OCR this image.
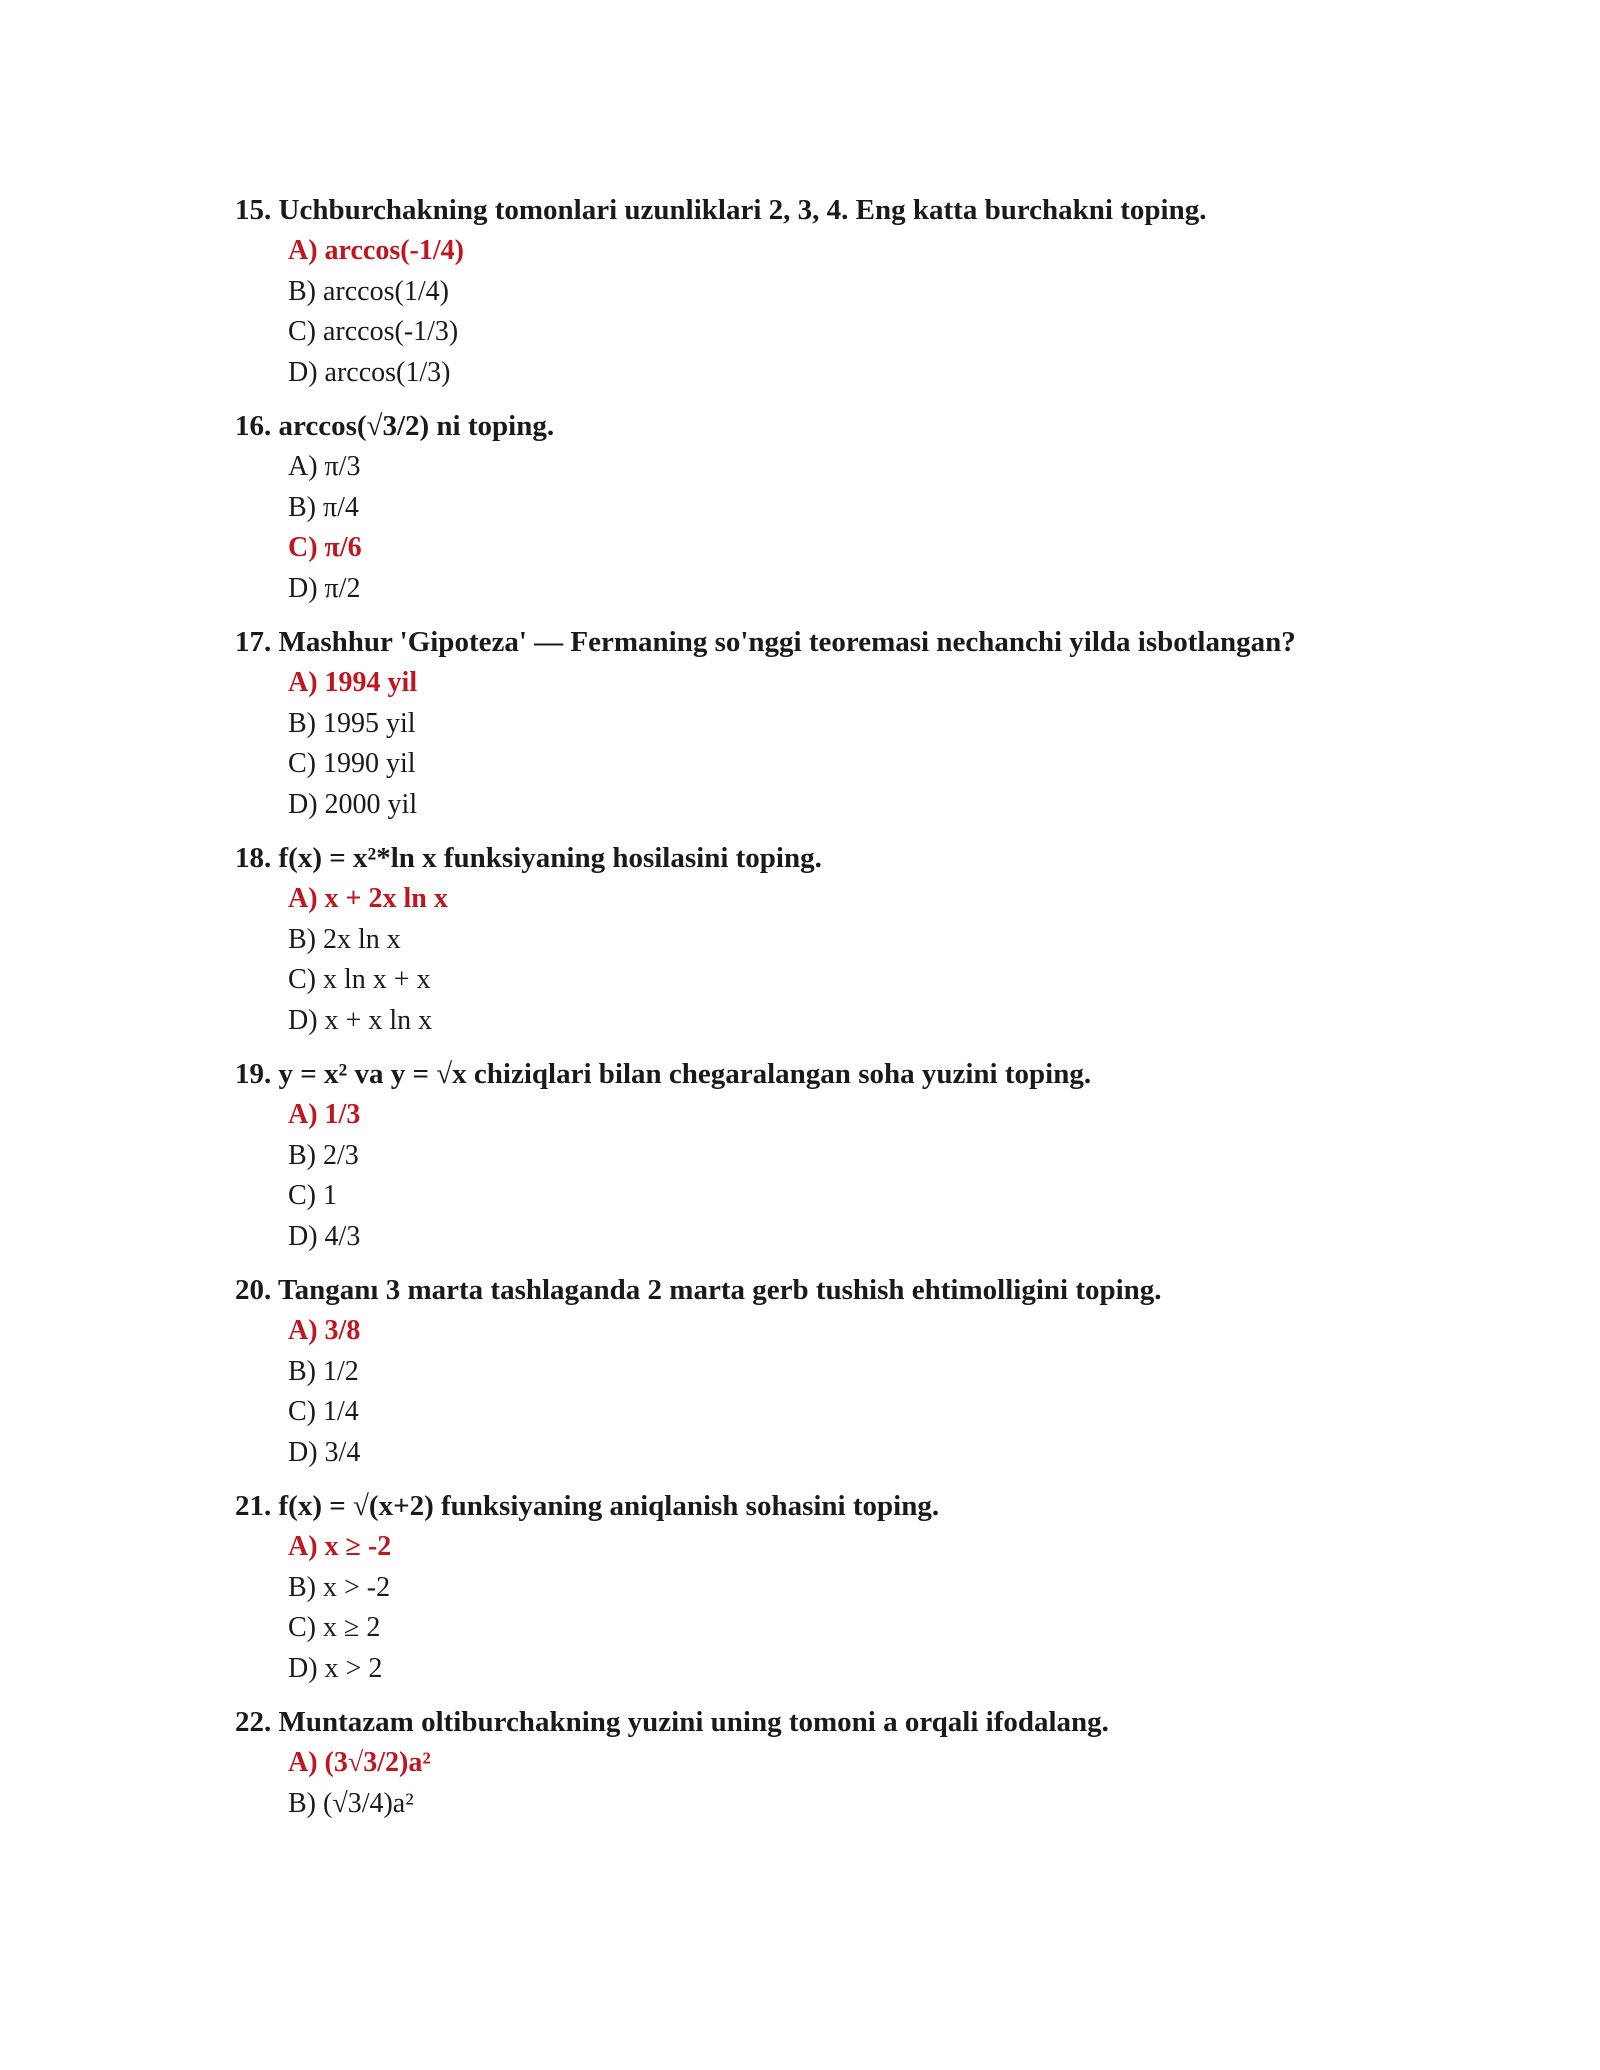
15. Uchburchakning tomonlari uzunliklari 2, 3, 4. Eng katta burchakni toping.

A) arccos(-1/4)
B) arccos(1/4)
C) arccos(-1/3)
D) arccos(1/3)

16. arccos(√3/2) ni toping.

A) π/3
B) π/4
C) π/6
D) π/2

17. Mashhur 'Gipoteza' — Fermaning so'nggi teoremasi nechanchi yilda isbotlangan?

A) 1994 yil
B) 1995 yil
C) 1990 yil
D) 2000 yil

18. f(x) = x²*ln x funksiyaning hosilasini toping.

A) x + 2x ln x
B) 2x ln x
C) x ln x + x
D) x + x ln x

19. y = x² va y = √x chiziqlari bilan chegaralangan soha yuzini toping.

A) 1/3
B) 2/3
C) 1
D) 4/3

20. Tanganı 3 marta tashlaganda 2 marta gerb tushish ehtimolligini toping.

A) 3/8
B) 1/2
C) 1/4
D) 3/4

21. f(x) = √(x+2) funksiyaning aniqlanish sohasini toping.

A) x ≥ -2
B) x > -2
C) x ≥ 2
D) x > 2

22. Muntazam oltiburchakning yuzini uning tomoni a orqali ifodalang.

A) (3√3/2)a²
B) (√3/4)a²
